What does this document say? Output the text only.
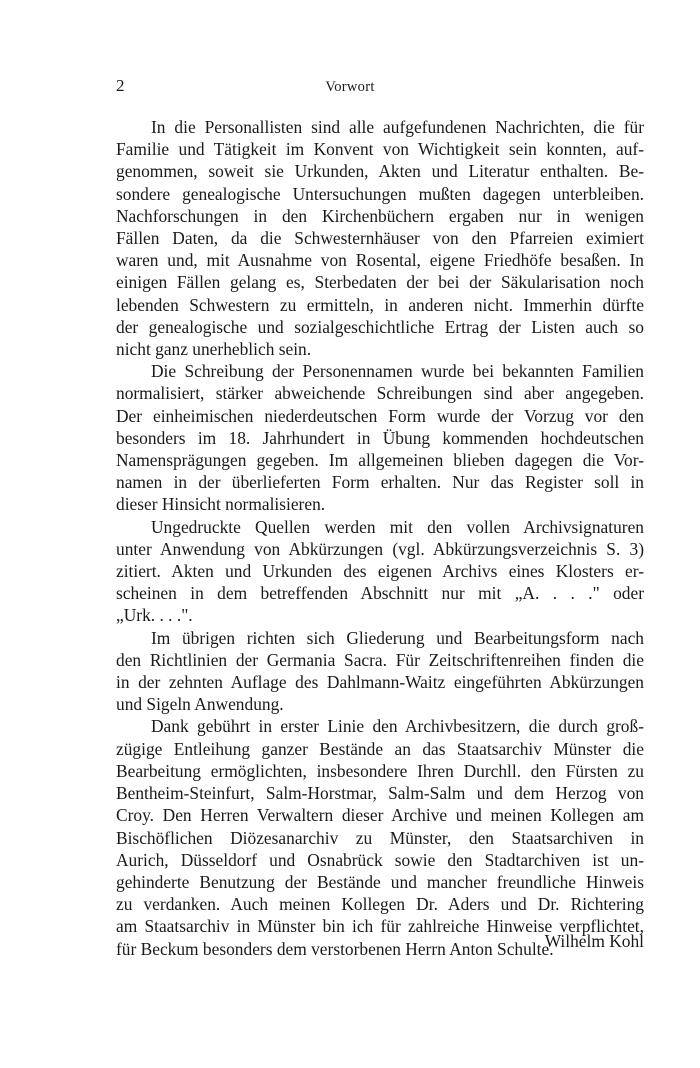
2	Vorwort

In die Personallisten sind alle aufgefundenen Nachrichten, die für
Familie und Tätigkeit im Konvent von Wichtigkeit sein konnten, auf-
genommen, soweit sie Urkunden, Akten und Literatur enthalten. Be-
sondere genealogische Untersuchungen mußten dagegen unterbleiben.
Nachforschungen in den Kirchenbüchern ergaben nur in wenigen
Fällen Daten, da die Schwesternhäuser von den Pfarreien eximiert
waren und, mit Ausnahme von Rosental, eigene Friedhöfe besaßen. In
einigen Fällen gelang es, Sterbedaten der bei der Säkularisation noch
lebenden Schwestern zu ermitteln, in anderen nicht. Immerhin dürfte
der genealogische und sozialgeschichtliche Ertrag der Listen auch so
nicht ganz unerheblich sein.

Die Schreibung der Personennamen wurde bei bekannten Familien
normalisiert, stärker abweichende Schreibungen sind aber angegeben.
Der einheimischen niederdeutschen Form wurde der Vorzug vor den
besonders im 18. Jahrhundert in Übung kommenden hochdeutschen
Namensprägungen gegeben. Im allgemeinen blieben dagegen die Vor-
namen in der überlieferten Form erhalten. Nur das Register soll in
dieser Hinsicht normalisieren.

Ungedruckte Quellen werden mit den vollen Archivsignaturen
unter Anwendung von Abkürzungen (vgl. Abkürzungsverzeichnis S. 3)
zitiert. Akten und Urkunden des eigenen Archivs eines Klosters er-
scheinen in dem betreffenden Abschnitt nur mit „A. . . ." oder
„Urk. . . .".

Im übrigen richten sich Gliederung und Bearbeitungsform nach
den Richtlinien der Germania Sacra. Für Zeitschriftenreihen finden die
in der zehnten Auflage des Dahlmann-Waitz eingeführten Abkürzungen
und Sigeln Anwendung.

Dank gebührt in erster Linie den Archivbesitzern, die durch groß-
zügige Entleihung ganzer Bestände an das Staatsarchiv Münster die
Bearbeitung ermöglichten, insbesondere Ihren Durchll. den Fürsten zu
Bentheim-Steinfurt, Salm-Horstmar, Salm-Salm und dem Herzog von
Croy. Den Herren Verwaltern dieser Archive und meinen Kollegen am
Bischöflichen Diözesanarchiv zu Münster, den Staatsarchiven in
Aurich, Düsseldorf und Osnabrück sowie den Stadtarchiven ist un-
gehinderte Benutzung der Bestände und mancher freundliche Hinweis
zu verdanken. Auch meinen Kollegen Dr. Aders und Dr. Richtering
am Staatsarchiv in Münster bin ich für zahlreiche Hinweise verpflichtet,
für Beckum besonders dem verstorbenen Herrn Anton Schulte.

Wilhelm Kohl
